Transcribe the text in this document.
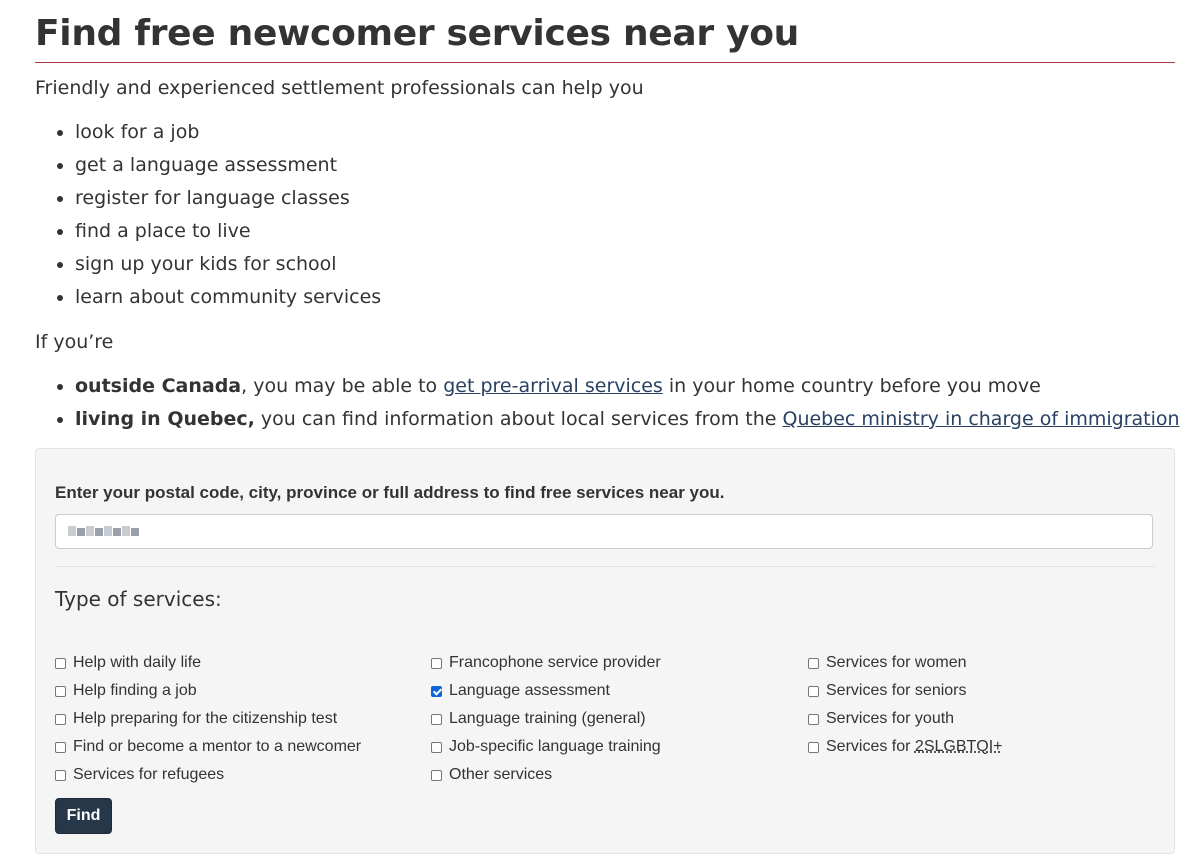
Find free newcomer services near you

Friendly and experienced settlement professionals can help you

look for a job
get a language assessment
register for language classes
find a place to live
sign up your kids for school
learn about community services

If you’re

outside Canada, you may be able to get pre-arrival services in your home country before you move
living in Quebec, you can find information about local services from the Quebec ministry in charge of immigration
Enter your postal code, city, province or full address to find free services near you.
Type of services:
Help with daily life
Help finding a job
Help preparing for the citizenship test
Find or become a mentor to a newcomer
Services for refugees
Francophone service provider
Language assessment
Language training (general)
Job-specific language training
Other services
Services for women
Services for seniors
Services for youth
Services for 2SLGBTQI+
Find
